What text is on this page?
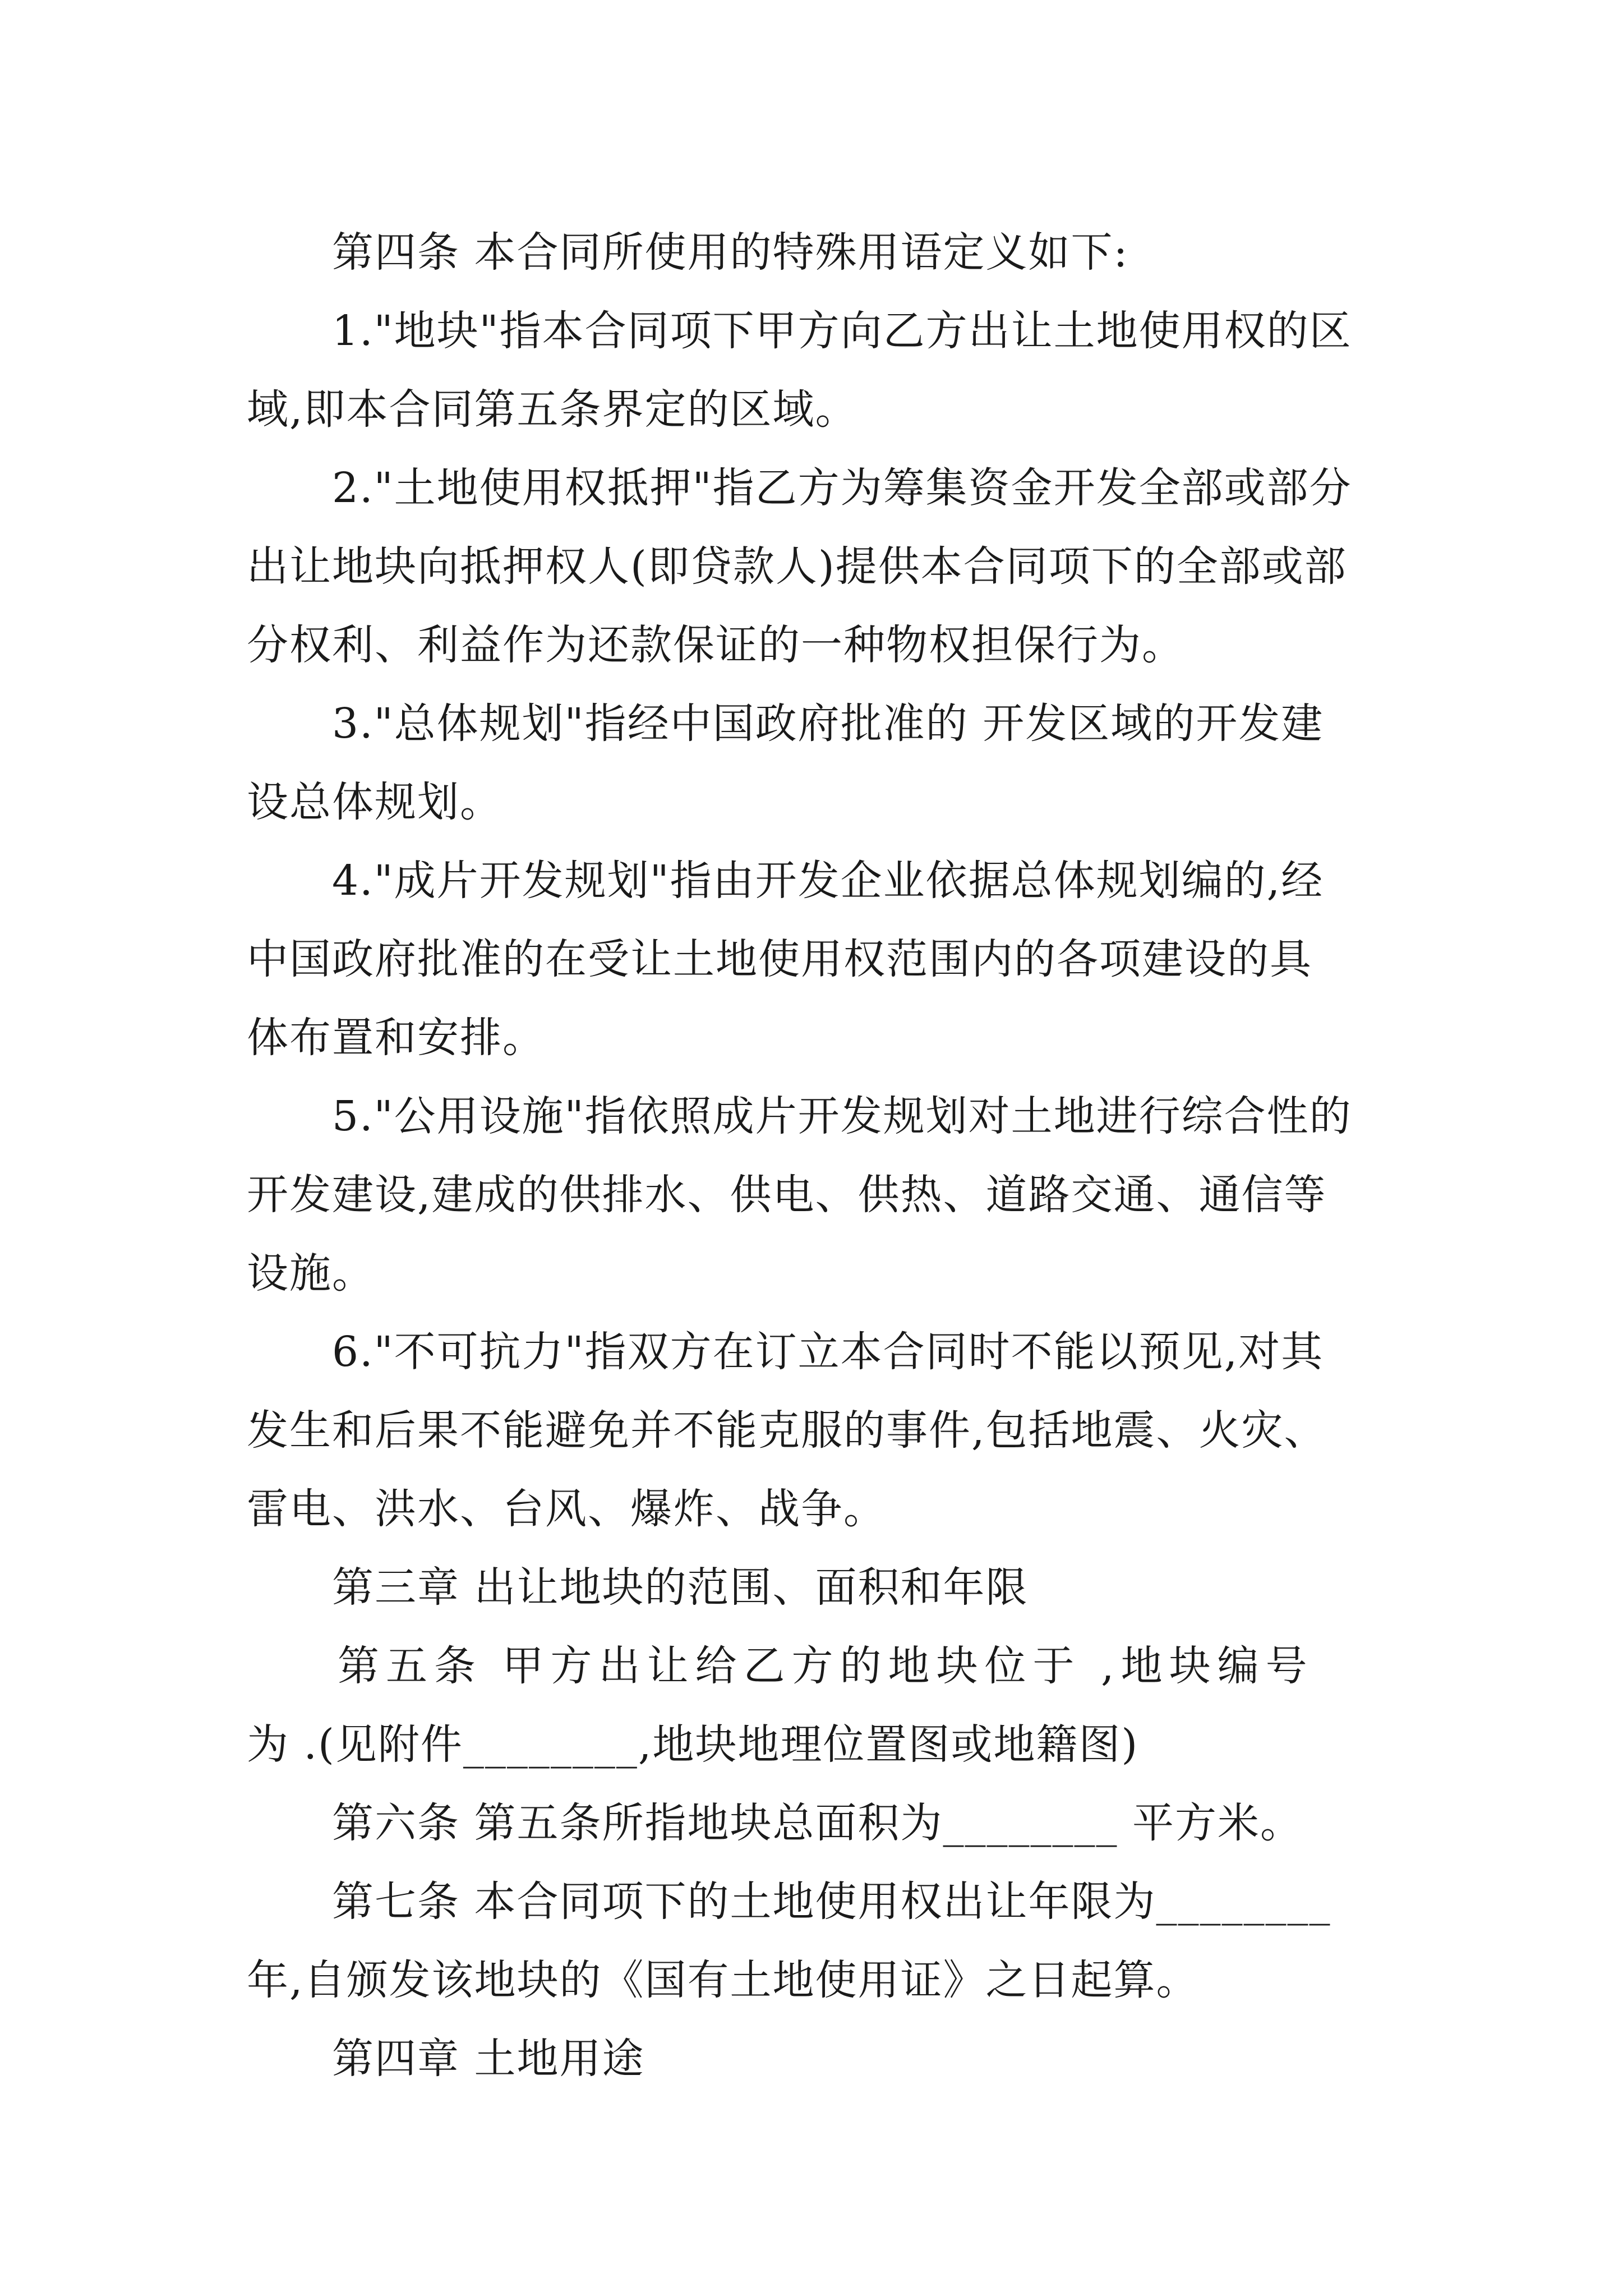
第四条 本合同所使用的特殊用语定义如下:
1."地块"指本合同项下甲方向乙方出让土地使用权的区
域,即本合同第五条界定的区域。
2."土地使用权抵押"指乙方为筹集资金开发全部或部分
出让地块向抵押权人(即贷款人)提供本合同项下的全部或部
分权利、利益作为还款保证的一种物权担保行为。
3."总体规划"指经中国政府批准的 开发区域的开发建
设总体规划。
4."成片开发规划"指由开发企业依据总体规划编的,经
中国政府批准的在受让土地使用权范围内的各项建设的具
体布置和安排。
5."公用设施"指依照成片开发规划对土地进行综合性的
开发建设,建成的供排水、供电、供热、道路交通、通信等
设施。
6."不可抗力"指双方在订立本合同时不能以预见,对其
发生和后果不能避免并不能克服的事件,包括地震、火灾、
雷电、洪水、台风、爆炸、战争。
第三章 出让地块的范围、面积和年限
第五条 甲方出让给乙方的地块位于 ,地块编号
为 .(见附件________,地块地理位置图或地籍图)
第六条 第五条所指地块总面积为________ 平方米。
第七条 本合同项下的土地使用权出让年限为________
年,自颁发该地块的《国有土地使用证》之日起算。
第四章 土地用途
